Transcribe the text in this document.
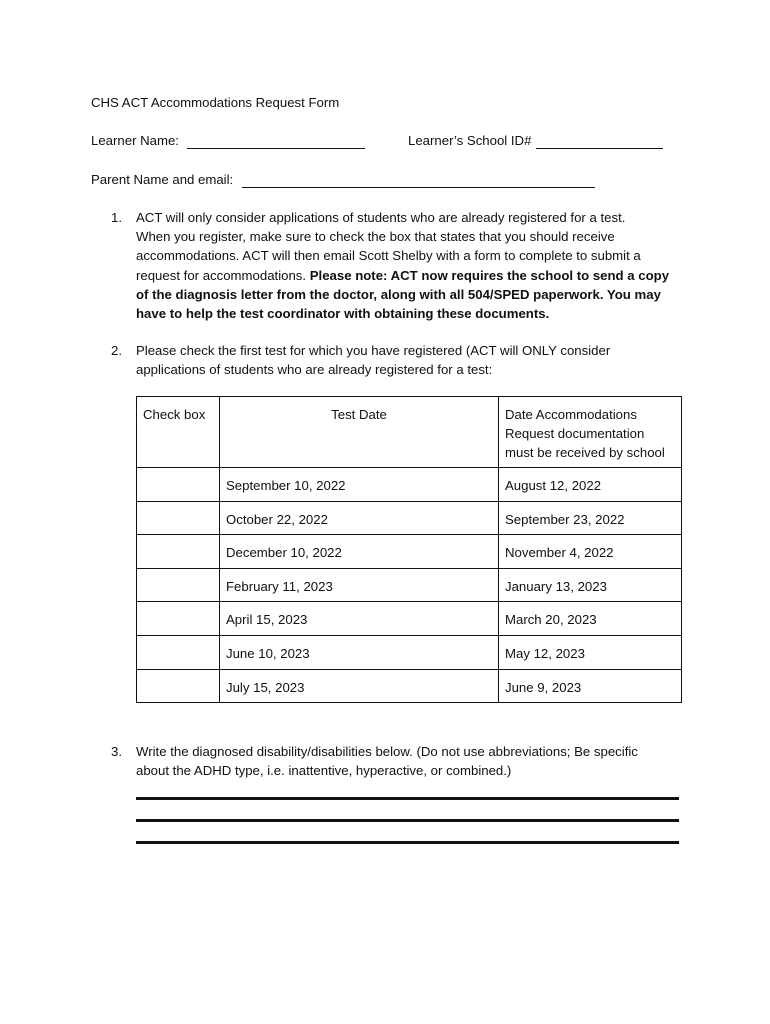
CHS ACT Accommodations Request Form
Learner Name:	Learner’s School ID#
Parent Name and email:
1. ACT will only consider applications of students who are already registered for a test.
When you register, make sure to check the box that states that you should receive
accommodations. ACT will then email Scott Shelby with a form to complete to submit a
request for accommodations. Please note: ACT now requires the school to send a copy
of the diagnosis letter from the doctor, along with all 504/SPED paperwork. You may
have to help the test coordinator with obtaining these documents.
2. Please check the first test for which you have registered (ACT will ONLY consider
applications of students who are already registered for a test:
Check box	Test Date	Date Accommodations
Request documentation
must be received by school

	September 10, 2022	August 12, 2022
	October 22, 2022	September 23, 2022
	December 10, 2022	November 4, 2022
	February 11, 2023	January 13, 2023
	April 15, 2023	March 20, 2023
	June 10, 2023	May 12, 2023
	July 15, 2023	June 9, 2023
3. Write the diagnosed disability/disabilities below. (Do not use abbreviations; Be specific
about the ADHD type, i.e. inattentive, hyperactive, or combined.)
